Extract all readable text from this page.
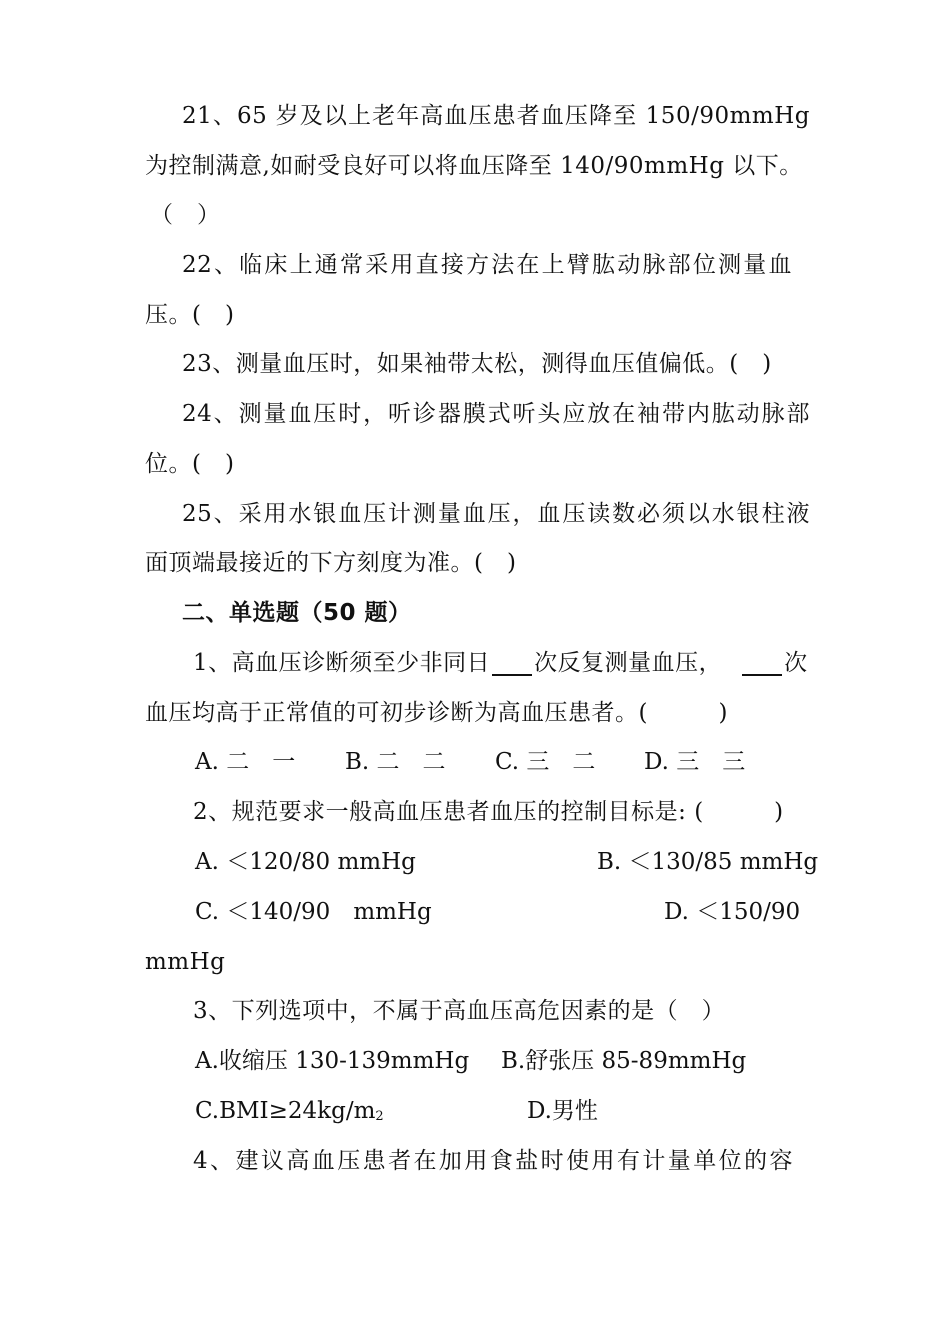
21、65 岁及以上老年高血压患者血压降至 150/90mmHg
为控制满意,如耐受良好可以将血压降至 140/90mmHg 以下。
（　）
22、临床上通常采用直接方法在上臂肱动脉部位测量血
压。(　)
23、测量血压时，如果袖带太松，测得血压值偏低。(　)
24、测量血压时，听诊器膜式听头应放在袖带内肱动脉部
位。(　)
25、采用水银血压计测量血压，血压读数必须以水银柱液
面顶端最接近的下方刻度为准。(　)
二、单选题（50 题）
1、高血压诊断须至少非同日 次反复测量血压，	次
血压均高于正常值的可初步诊断为高血压患者。(　　　)
A. 二　一 B. 二　二 C. 三　二 D. 三　三
2、规范要求一般高血压患者血压的控制目标是: (　　　)
A. ＜120/80 mmHg	B. ＜130/85 mmHg
C. ＜140/90　mmHg	D. ＜150/90
mmHg
3、下列选项中，不属于高血压高危因素的是（　）
A.收缩压 130-139mmHg B.舒张压 85-89mmHg
$C.BMI\ge 24kg/m_2$	D.男性
4、建议高血压患者在加用食盐时使用有计量单位的容
